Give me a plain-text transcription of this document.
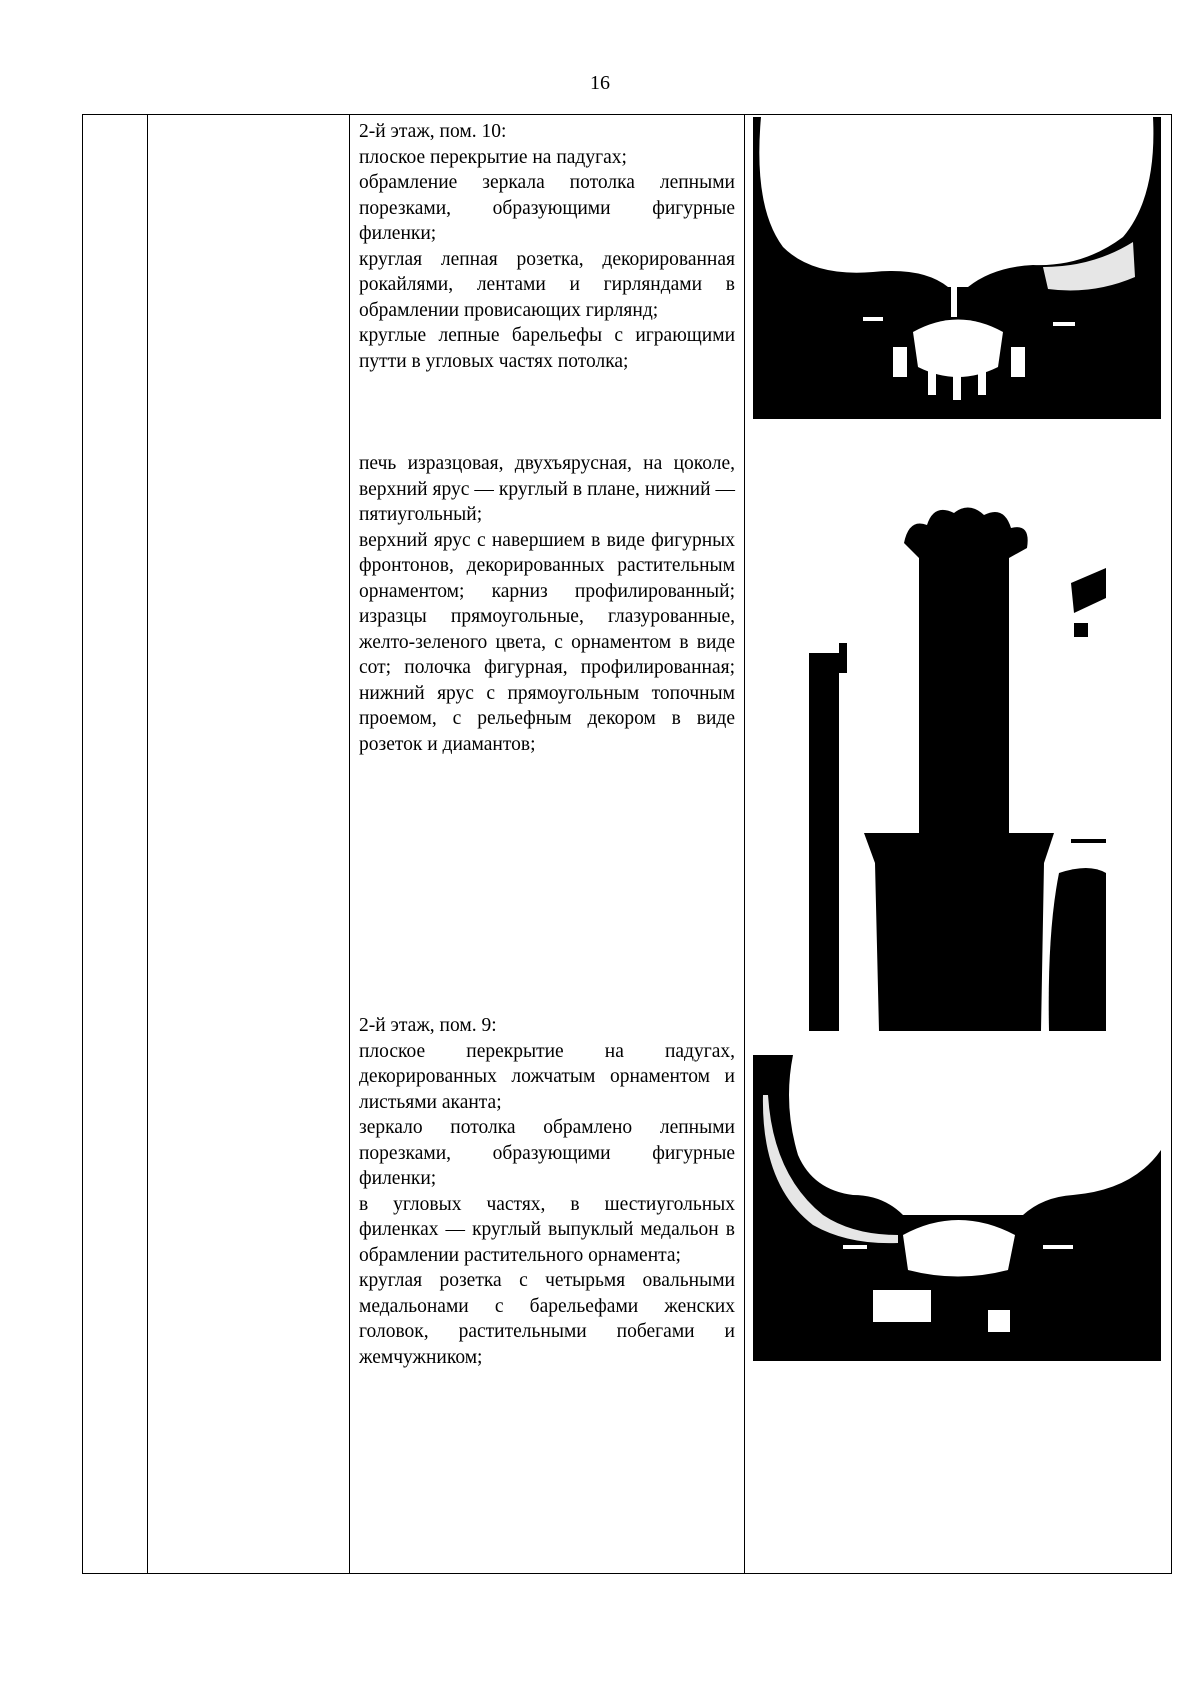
16

2-й этаж, пом. 10:

плоское перекрытие на падугах;

обрамление зеркала потолка лепными порезками, образующими фигурные филенки;

круглая лепная розетка, декорированная рокайлями, лентами и гирляндами в обрамлении провисающих гирлянд;

круглые лепные барельефы с играющими путти в угловых частях потолка;

печь изразцовая, двухъярусная, на цоколе, верхний ярус — круглый в плане, нижний — пятиугольный;

верхний ярус с навершием в виде фигурных фронтонов, декорированных растительным орнаментом; карниз профилированный; изразцы прямоугольные, глазурованные, желто-зеленого цвета, с орнаментом в виде сот; полочка фигурная, профилированная; нижний ярус с прямоугольным топочным проемом, с рельефным декором в виде розеток и диамантов;

2-й этаж, пом. 9:

плоское перекрытие на падугах, декорированных ложчатым орнаментом и листьями аканта;

зеркало потолка обрамлено лепными порезками, образующими фигурные филенки;

в угловых частях, в шестиугольных филенках — круглый выпуклый медальон в обрамлении растительного орнамента;

круглая розетка с четырьмя овальными медальонами с барельефами женских головок, растительными побегами и жемчужником;
